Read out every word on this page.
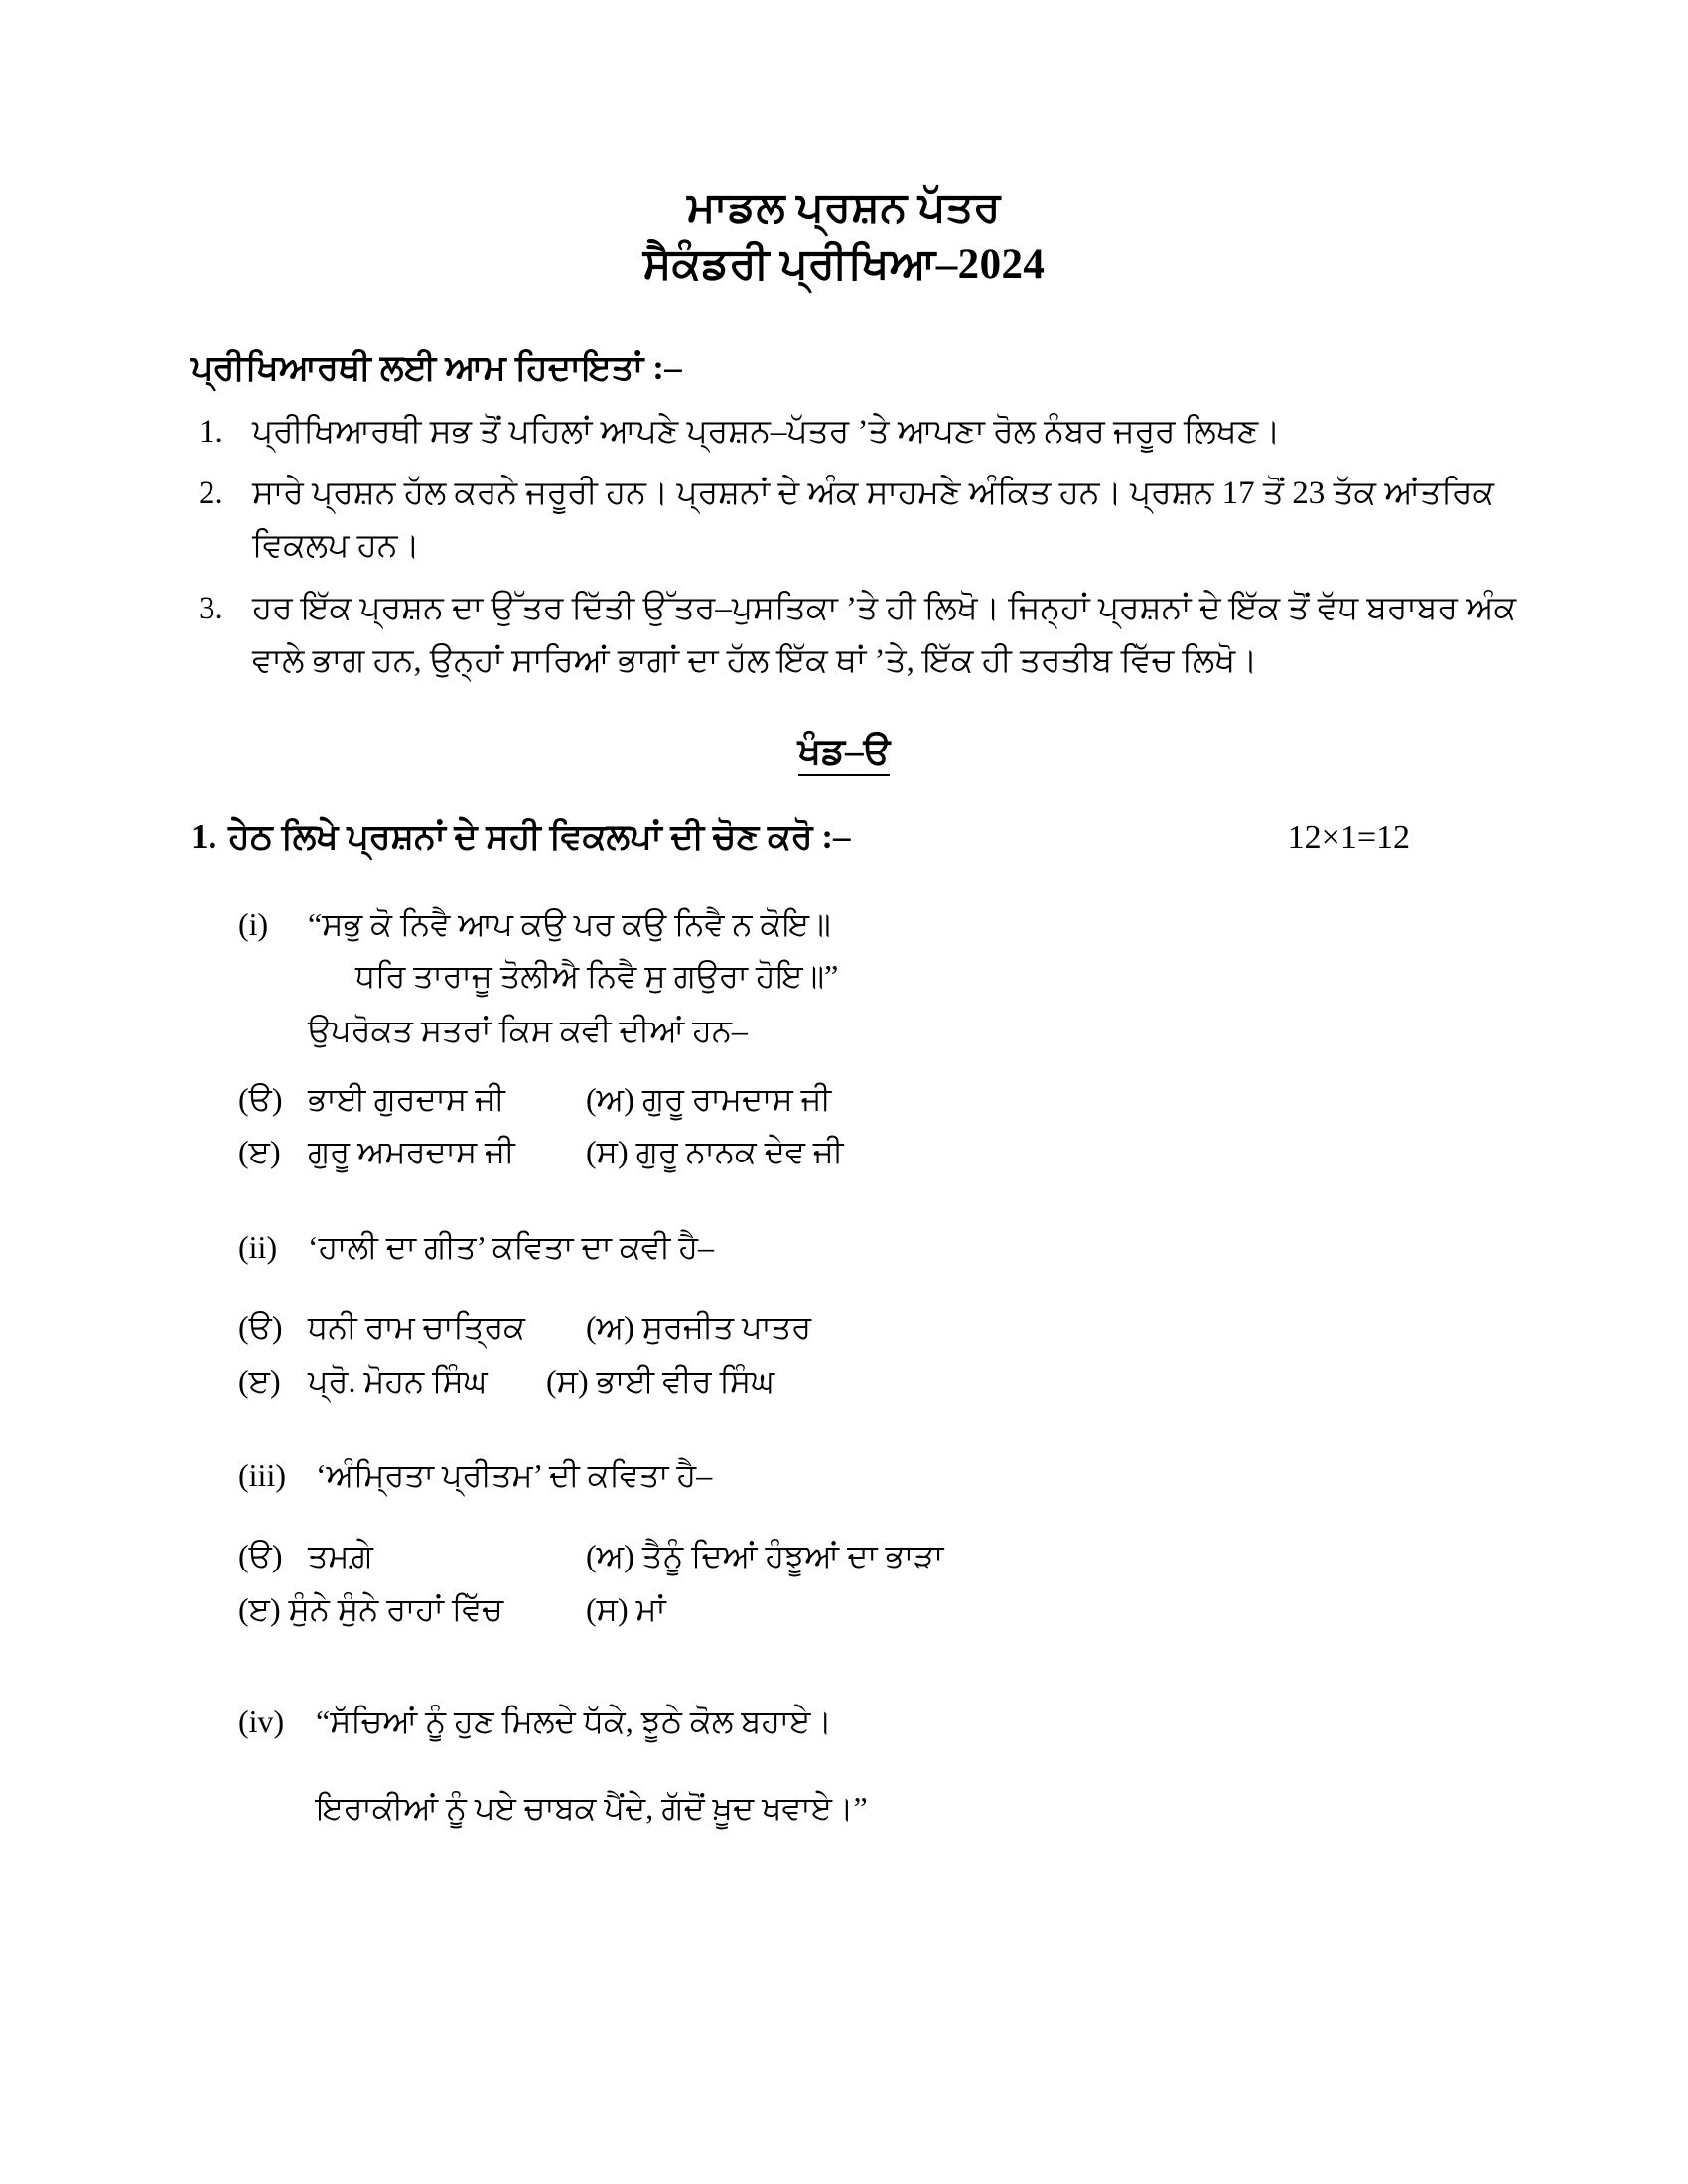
ਮਾਡਲ ਪ੍ਰਸ਼ਨ ਪੱਤਰ
ਸੈਕੰਡਰੀ ਪ੍ਰੀਖਿਆ–2024
ਪ੍ਰੀਖਿਆਰਥੀ ਲਈ ਆਮ ਹਿਦਾਇਤਾਂ :–
1. ਪ੍ਰੀਖਿਆਰਥੀ ਸਭ ਤੋਂ ਪਹਿਲਾਂ ਆਪਣੇ ਪ੍ਰਸ਼ਨ–ਪੱਤਰ ’ਤੇ ਆਪਣਾ ਰੋਲ ਨੰਬਰ ਜਰੂਰ ਲਿਖਣ।
2. ਸਾਰੇ ਪ੍ਰਸ਼ਨ ਹੱਲ ਕਰਨੇ ਜਰੂਰੀ ਹਨ। ਪ੍ਰਸ਼ਨਾਂ ਦੇ ਅੰਕ ਸਾਹਮਣੇ ਅੰਕਿਤ ਹਨ। ਪ੍ਰਸ਼ਨ 17 ਤੋਂ 23 ਤੱਕ ਆਂਤਰਿਕ ਵਿਕਲਪ ਹਨ।
3. ਹਰ ਇੱਕ ਪ੍ਰਸ਼ਨ ਦਾ ਉੱਤਰ ਦਿੱਤੀ ਉੱਤਰ–ਪੁਸਤਿਕਾ ’ਤੇ ਹੀ ਲਿਖੋ। ਜਿਨ੍ਹਾਂ ਪ੍ਰਸ਼ਨਾਂ ਦੇ ਇੱਕ ਤੋਂ ਵੱਧ ਬਰਾਬਰ ਅੰਕ ਵਾਲੇ ਭਾਗ ਹਨ, ਉਨ੍ਹਾਂ ਸਾਰਿਆਂ ਭਾਗਾਂ ਦਾ ਹੱਲ ਇੱਕ ਥਾਂ ’ਤੇ, ਇੱਕ ਹੀ ਤਰਤੀਬ ਵਿੱਚ ਲਿਖੋ।
ਖੰਡ–ੳ
1. ਹੇਠ ਲਿਖੇ ਪ੍ਰਸ਼ਨਾਂ ਦੇ ਸਹੀ ਵਿਕਲਪਾਂ ਦੀ ਚੋਣ ਕਰੋ :–	12×1=12
(i)	“ਸਭੁ ਕੋ ਨਿਵੈ ਆਪ ਕਉ ਪਰ ਕਉ ਨਿਵੈ ਨ ਕੋਇ॥
ਧਰਿ ਤਾਰਾਜੂ ਤੋਲੀਐ ਨਿਵੈ ਸੁ ਗਉਰਾ ਹੋਇ॥”
ਉਪਰੋਕਤ ਸਤਰਾਂ ਕਿਸ ਕਵੀ ਦੀਆਂ ਹਨ–
(ੳ) ਭਾਈ ਗੁਰਦਾਸ ਜੀ	(ਅ) ਗੁਰੂ ਰਾਮਦਾਸ ਜੀ
(ੲ) ਗੁਰੂ ਅਮਰਦਾਸ ਜੀ (ਸ) ਗੁਰੂ ਨਾਨਕ ਦੇਵ ਜੀ
(ii) ‘ਹਾਲੀ ਦਾ ਗੀਤ’ ਕਵਿਤਾ ਦਾ ਕਵੀ ਹੈ–
(ੳ) ਧਨੀ ਰਾਮ ਚਾਤ੍ਰਿਕ (ਅ) ਸੁਰਜੀਤ ਪਾਤਰ
(ੲ) ਪ੍ਰੋ. ਮੋਹਨ ਸਿੰਘ (ਸ) ਭਾਈ ਵੀਰ ਸਿੰਘ
(iii) ‘ਅੰਮ੍ਰਿਤਾ ਪ੍ਰੀਤਮ’ ਦੀ ਕਵਿਤਾ ਹੈ–
(ੳ) ਤਮਗ਼ੇ	(ਅ) ਤੈਨੂੰ ਦਿਆਂ ਹੰਝੂਆਂ ਦਾ ਭਾੜਾ
(ੲ) ਸੁੰਨੇ ਸੁੰਨੇ ਰਾਹਾਂ ਵਿੱਚ	(ਸ) ਮਾਂ
(iv) “ਸੱਚਿਆਂ ਨੂੰ ਹੁਣ ਮਿਲਦੇ ਧੱਕੇ, ਝੂਠੇ ਕੋਲ ਬਹਾਏ।
ਇਰਾਕੀਆਂ ਨੂੰ ਪਏ ਚਾਬਕ ਪੈਂਦੇ, ਗੱਦੋਂ ਖ਼ੂਦ ਖਵਾਏ।”
